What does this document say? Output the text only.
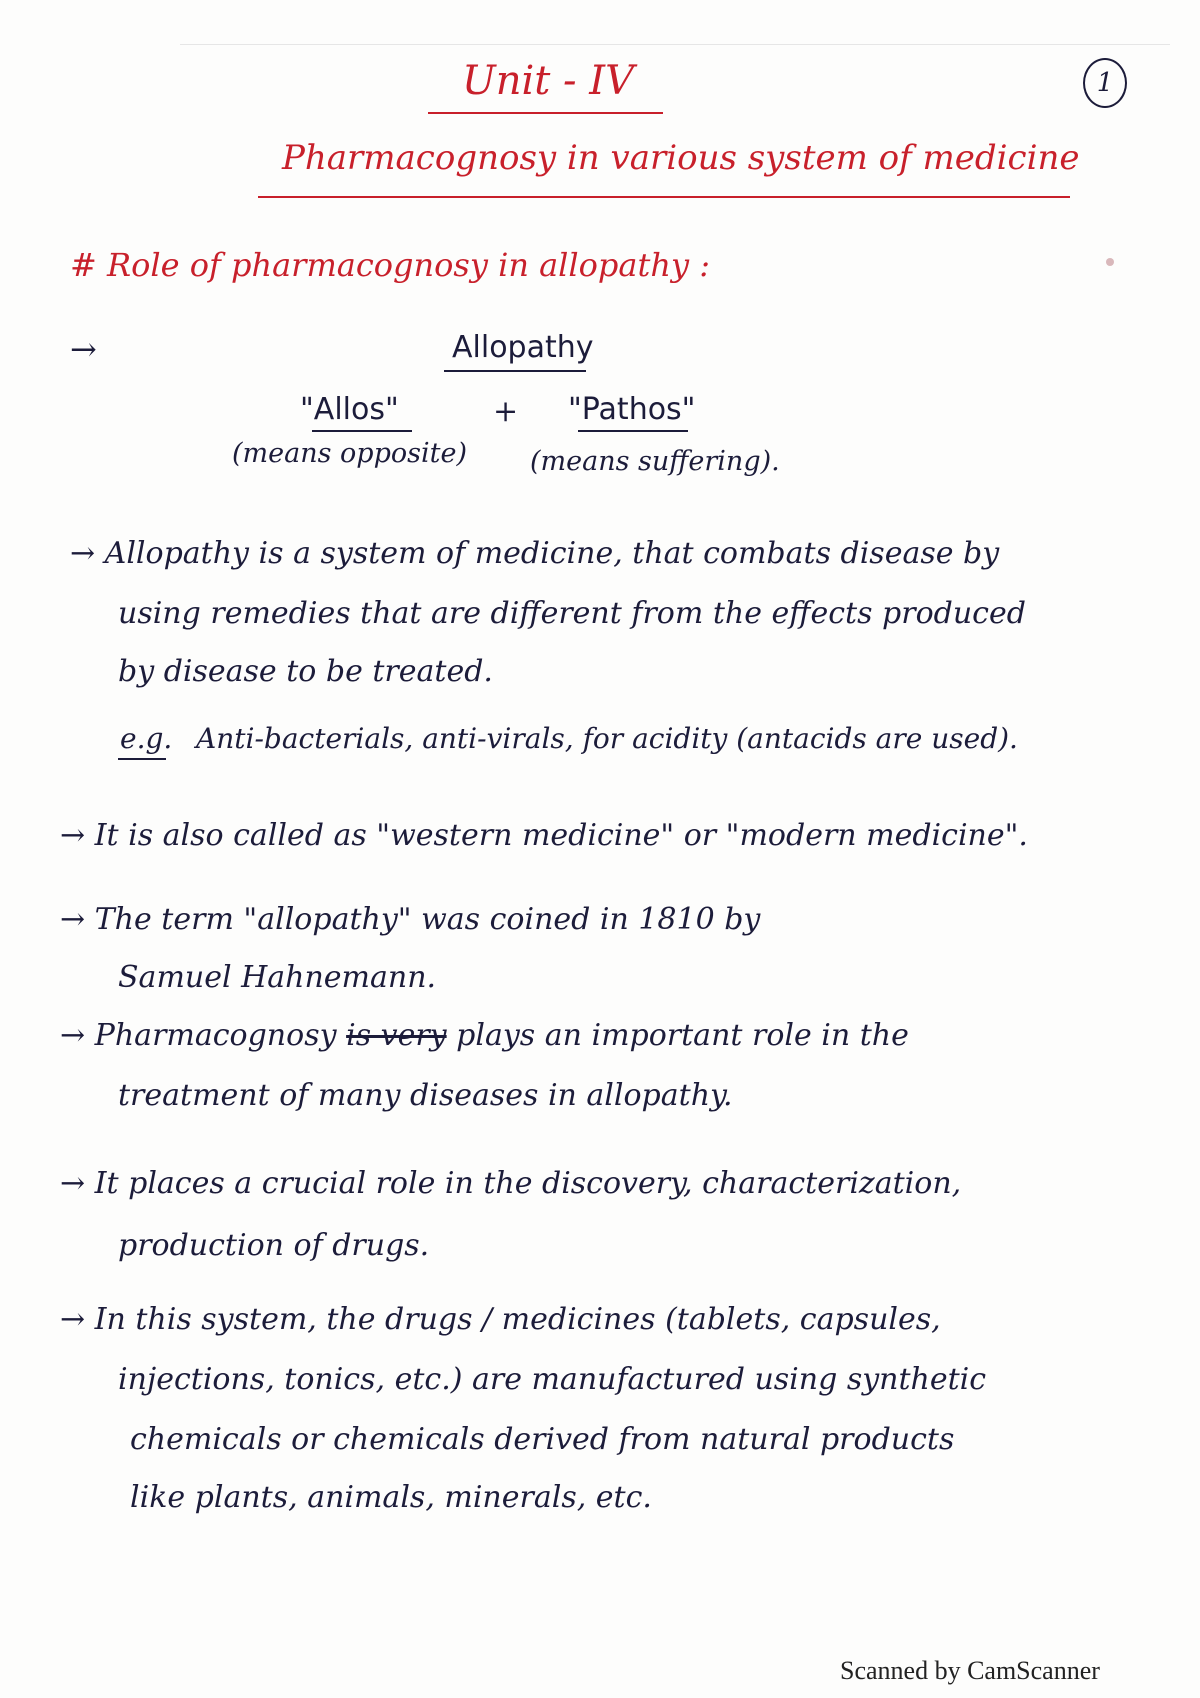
Unit - IV	1
Pharmacognosy in various system of medicine
# Role of pharmacognosy in allopathy :
→	Allopathy
"Allos"	+ "Pathos"
(means opposite) (means suffering).
→ Allopathy is a system of medicine, that combats disease by
using remedies that are different from the effects produced
by disease to be treated.
e.g. Anti-bacterials, anti-virals, for acidity (antacids are used).
→ It is also called as "western medicine" or "modern medicine".
→ The term "allopathy" was coined in 1810 by
Samuel Hahnemann.
→ Pharmacognosy is very plays an important role in the
treatment of many diseases in allopathy.
→ It places a crucial role in the discovery, characterization,
production of drugs.
→ In this system, the drugs / medicines (tablets, capsules,
injections, tonics, etc.) are manufactured using synthetic
chemicals or chemicals derived from natural products
like plants, animals, minerals, etc.
Scanned by CamScanner
